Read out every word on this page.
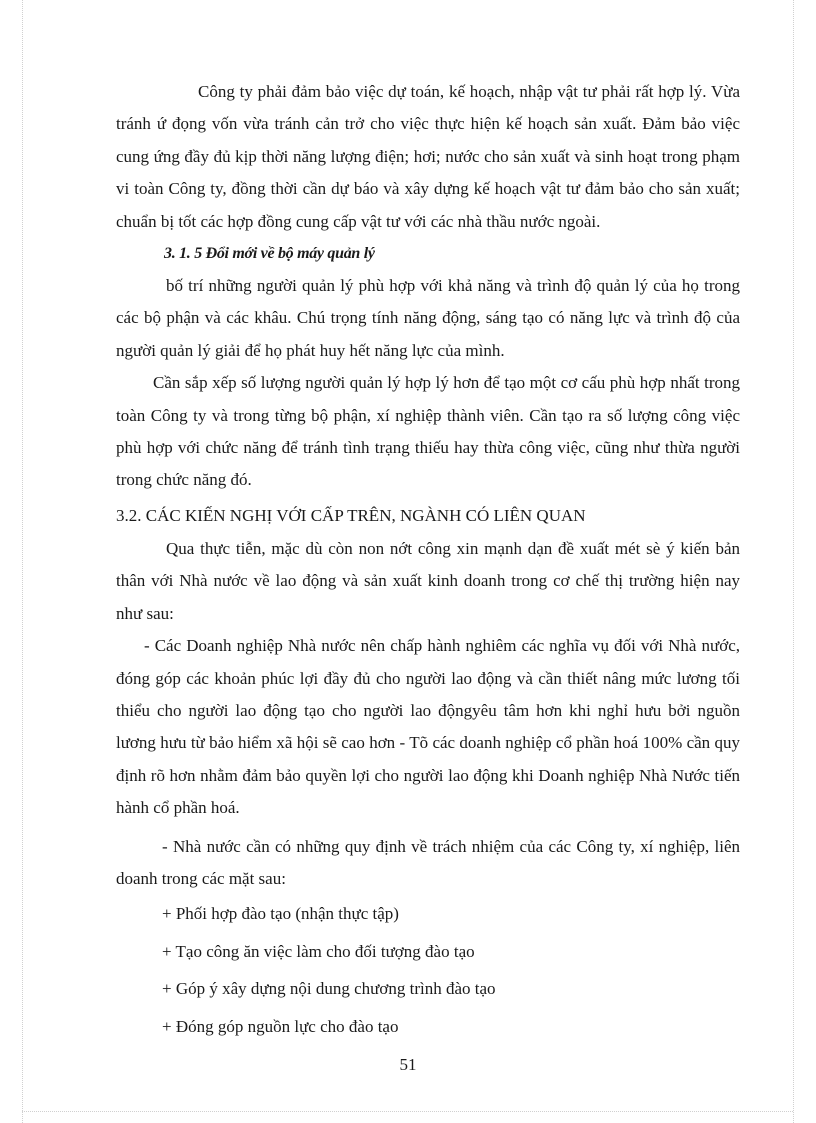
Công ty phải đảm bảo việc dự toán, kế hoạch, nhập vật tư phải rất hợp lý. Vừa tránh ứ đọng vốn vừa tránh cản trở cho việc thực hiện kế hoạch sản xuất. Đảm bảo việc cung ứng đầy đủ kịp thời năng lượng điện; hơi; nước cho sản xuất và sinh hoạt trong phạm vi toàn Công ty, đồng thời cần dự báo và xây dựng kế hoạch vật tư đảm bảo cho sản xuất; chuẩn bị tốt các hợp đồng cung cấp vật tư với các nhà thầu nước ngoài.

3. 1. 5 Đổi mới về bộ máy quản lý

bố trí những người quản lý phù hợp với khả năng và trình độ quản lý của họ trong các bộ phận và các khâu. Chú trọng tính năng động, sáng tạo có năng lực và trình độ của người quản lý giải để họ phát huy hết năng lực của mình.

Cần sắp xếp số lượng người quản lý hợp lý hơn để tạo một cơ cấu phù hợp nhất trong toàn Công ty và trong từng bộ phận, xí nghiệp thành viên. Cần tạo ra số lượng công việc phù hợp với chức năng để tránh tình trạng thiếu hay thừa công việc, cũng như thừa người trong chức năng đó.

3.2. CÁC KIẾN NGHỊ VỚI CẤP TRÊN, NGÀNH CÓ LIÊN QUAN

Qua thực tiễn, mặc dù còn non nớt công xin mạnh dạn đề xuất mét sè ý kiến bản thân với Nhà nước về lao động và sản xuất kinh doanh trong cơ chế thị trường hiện nay như sau:

- Các Doanh nghiệp Nhà nước nên chấp hành nghiêm các nghĩa vụ đối với Nhà nước, đóng góp các khoản phúc lợi đầy đủ cho người lao động và cần thiết nâng mức lương tối thiểu cho người lao động tạo cho người lao độngyêu tâm hơn khi nghỉ hưu bởi nguồn lương hưu từ bảo hiểm xã hội sẽ cao hơn - Tõ các doanh nghiệp cổ phần hoá 100% cần quy định rõ hơn nhằm đảm bảo quyền lợi cho người lao động khi Doanh nghiệp Nhà Nước tiến hành cổ phần hoá.

- Nhà nước cần có những quy định về trách nhiệm của các Công ty, xí nghiệp, liên doanh trong các mặt sau:

+ Phối hợp đào tạo (nhận thực tập)

+ Tạo công ăn việc làm cho đối tượng đào tạo

+ Góp ý xây dựng nội dung chương trình đào tạo

+ Đóng góp nguồn lực cho đào tạo

51
